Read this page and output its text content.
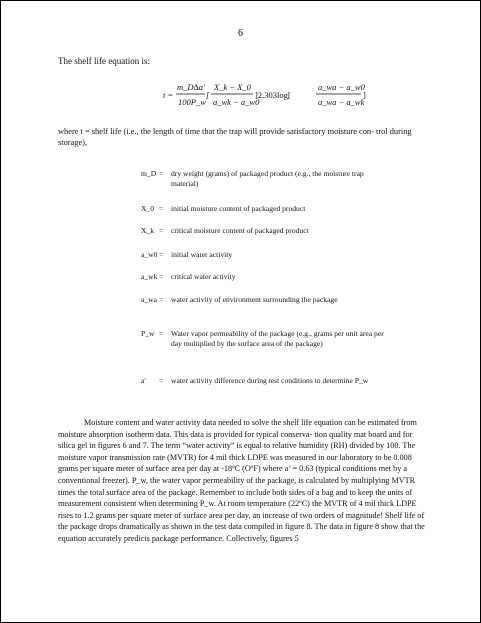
6
The shelf life equation is:
t =
m_D∆a'
100P_w
[
X_k − X_0
a_wk − a_w0
]2.303log[
a_wa − a_w0
a_wa − a_wk
]
where t = shelf life (i.e., the length of time that the trap will provide satisfactory moisture con- trol during storage),
m_D = dry weight (grams) of packaged product (e.g., the moisture trap material)
X_0 = initial moisture content of packaged product
X_k = critical moisture content of packaged product
a_w0 = initial water activity
a_wk = critical water activity
a_wa = water activity of environment surrounding the package
P_w = Water vapor permeability of the package (e.g., grams per unit area per day multiplied by the surface area of the package)
a'	= water activity difference during test conditions to determine P_w
Moisture content and water activity data needed to solve the shelf life equation can be estimated from moisture absorption isotherm data. This data is provided for typical conserva- tion quality mat board and for silica gel in figures 6 and 7. The term “water activity” is equal to relative humidity (RH) divided by 100. The moisture vapor transmission rate (MVTR) for 4 mil thick LDPE was measured in our laboratory to be 0.008 grams per square meter of surface area per day at -18ºC (OºF) where a’ = 0.63 (typical conditions met by a conventional freezer). P_w, the water vapor permeability of the package, is calculated by multiplying MVTR times the total surface area of the package. Remember to include both sides of a bag and to keep the units of measurement consistent when determining P_w. At room temperature (22ºC) the MVTR of 4 mil thick LDPE rises to 1.2 grams per square meter of surface area per day, an increase of two orders of magnitude! Shelf life of the package drops dramatically as shown in the test data compiled in figure 8. The data in figure 8 show that the equation accurately predicts package performance. Collectively, figures 5
